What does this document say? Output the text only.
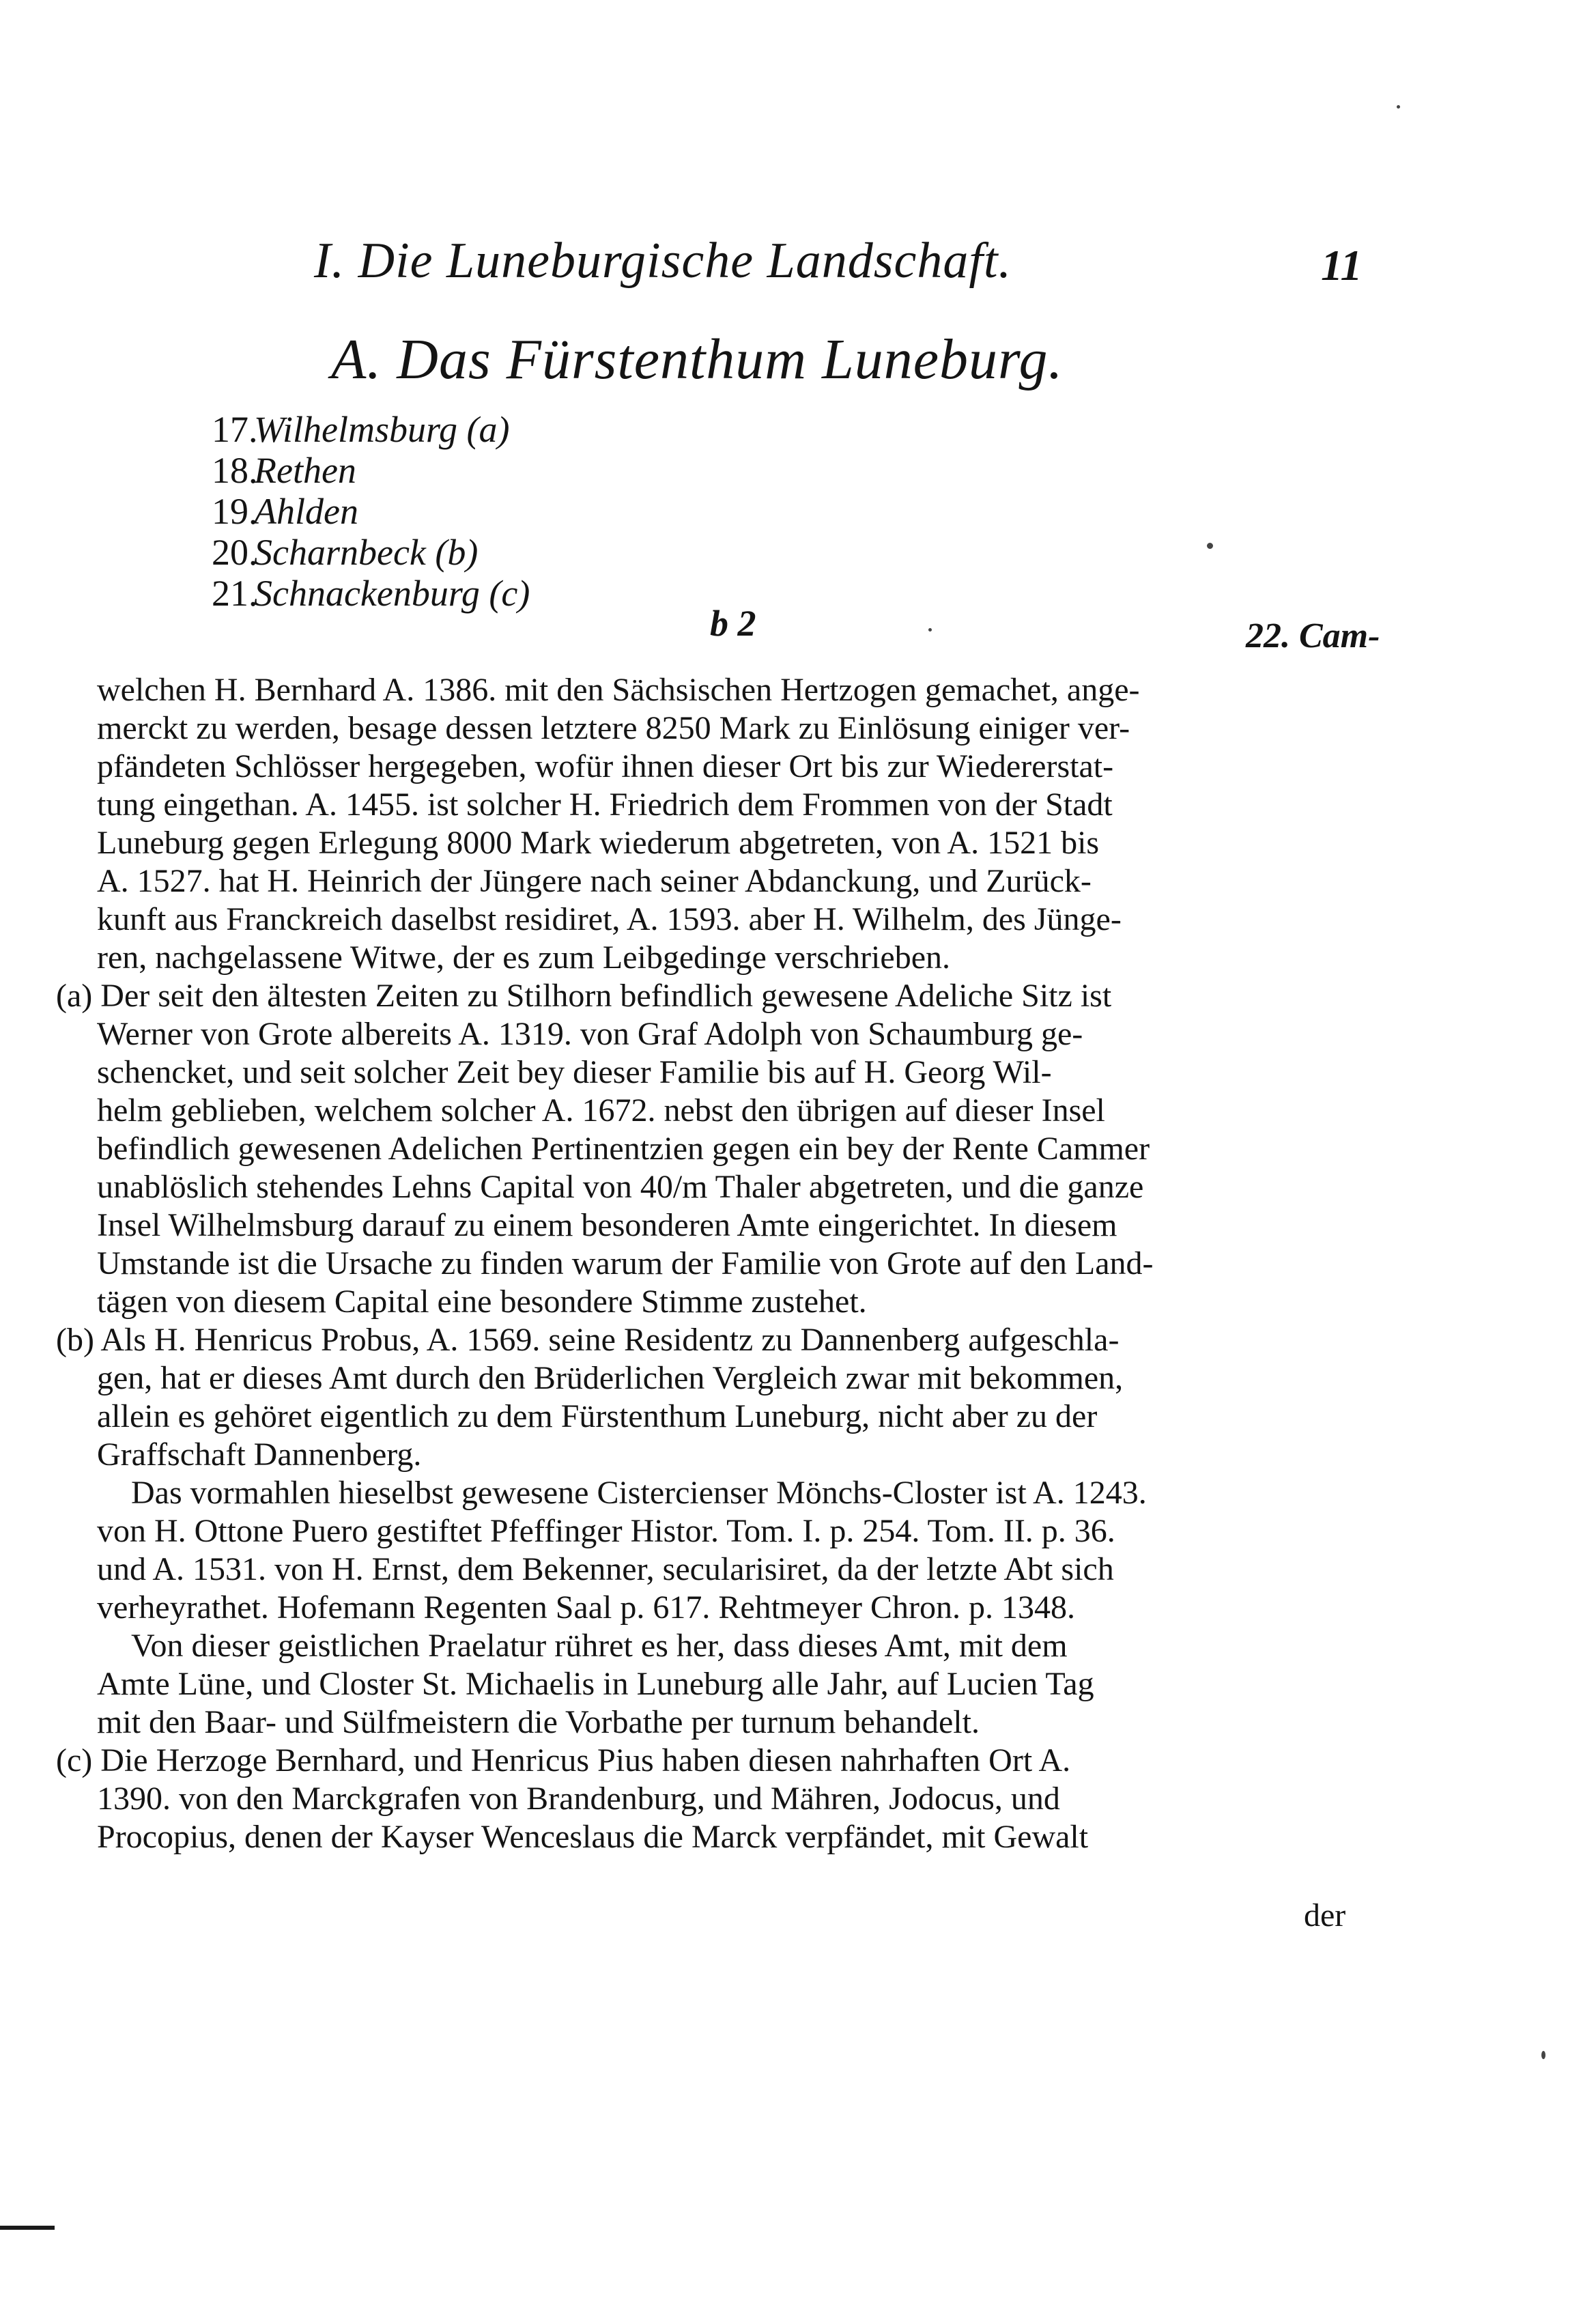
I. Die Luneburgische Landschaft.	11
A. Das Fürstenthum Luneburg.
17.Wilhelmsburg (a)
18.Rethen
19.Ahlden
20.Scharnbeck (b)
21.Schnackenburg (c)
b 2	22. Cam-
welchen H. Bernhard A. 1386. mit den Sächsischen Hertzogen gemachet, ange-
merckt zu werden, besage dessen letztere 8250 Mark zu Einlösung einiger ver-
pfändeten Schlösser hergegeben, wofür ihnen dieser Ort bis zur Wiedererstat-
tung eingethan. A. 1455. ist solcher H. Friedrich dem Frommen von der Stadt
Luneburg gegen Erlegung 8000 Mark wiederum abgetreten, von A. 1521 bis
A. 1527. hat H. Heinrich der Jüngere nach seiner Abdanckung, und Zurück-
kunft aus Franckreich daselbst residiret, A. 1593. aber H. Wilhelm, des Jünge-
ren, nachgelassene Witwe, der es zum Leibgedinge verschrieben.
(a) Der seit den ältesten Zeiten zu Stilhorn befindlich gewesene Adeliche Sitz ist
Werner von Grote albereits A. 1319. von Graf Adolph von Schaumburg ge-
schencket, und seit solcher Zeit bey dieser Familie bis auf H. Georg Wil-
helm geblieben, welchem solcher A. 1672. nebst den übrigen auf dieser Insel
befindlich gewesenen Adelichen Pertinentzien gegen ein bey der Rente Cammer
unablöslich stehendes Lehns Capital von 40/m Thaler abgetreten, und die ganze
Insel Wilhelmsburg darauf zu einem besonderen Amte eingerichtet. In diesem
Umstande ist die Ursache zu finden warum der Familie von Grote auf den Land-
tägen von diesem Capital eine besondere Stimme zustehet.
(b) Als H. Henricus Probus, A. 1569. seine Residentz zu Dannenberg aufgeschla-
gen, hat er dieses Amt durch den Brüderlichen Vergleich zwar mit bekommen,
allein es gehöret eigentlich zu dem Fürstenthum Luneburg, nicht aber zu der
Graffschaft Dannenberg.
Das vormahlen hieselbst gewesene Cistercienser Mönchs-Closter ist A. 1243.
von H. Ottone Puero gestiftet Pfeffinger Histor. Tom. I. p. 254. Tom. II. p. 36.
und A. 1531. von H. Ernst, dem Bekenner, secularisiret, da der letzte Abt sich
verheyrathet. Hofemann Regenten Saal p. 617. Rehtmeyer Chron. p. 1348.
Von dieser geistlichen Praelatur rühret es her, dass dieses Amt, mit dem
Amte Lüne, und Closter St. Michaelis in Luneburg alle Jahr, auf Lucien Tag
mit den Baar- und Sülfmeistern die Vorbathe per turnum behandelt.
(c) Die Herzoge Bernhard, und Henricus Pius haben diesen nahrhaften Ort A.
1390. von den Marckgrafen von Brandenburg, und Mähren, Jodocus, und
Procopius, denen der Kayser Wenceslaus die Marck verpfändet, mit Gewalt
der
